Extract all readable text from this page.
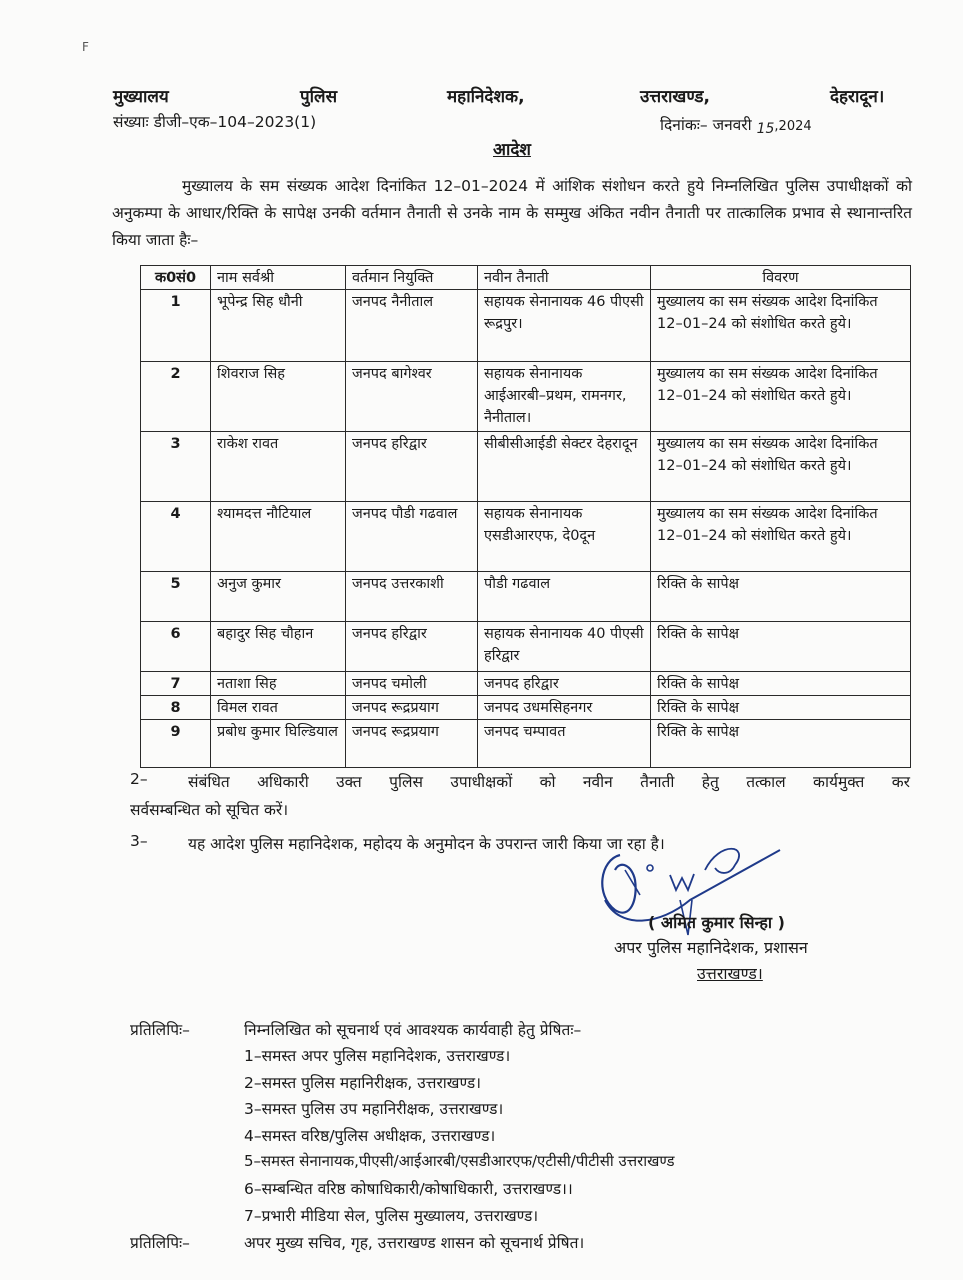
F
मुख्यालय	पुलिस	महानिदेशक,	उत्तराखण्ड,	देहरादून।
संख्याः डीजी–एक–104–2023(1)	दिनांकः– जनवरी 15,2024
आदेश
मुख्यालय के सम संख्यक आदेश दिनांकित 12–01–2024 में आंशिक संशोधन करते हुये निम्नलिखित पुलिस उपाधीक्षकों को अनुकम्पा के आधार/रिक्ति के सापेक्ष उनकी वर्तमान तैनाती से उनके नाम के सम्मुख अंकित नवीन तैनाती पर तात्कालिक प्रभाव से स्थानान्तरित किया जाता हैः–
क0सं0	नाम सर्वश्री	वर्तमान नियुक्ति	नवीन तैनाती	विवरण
1	भूपेन्द्र सिह धौनी	जनपद नैनीताल	सहायक सेनानायक 46 पीएसी रूद्रपुर।	मुख्यालय का सम संख्यक आदेश दिनांकित 12–01–24 को संशोधित करते हुये।
2	शिवराज सिह	जनपद बागेश्वर	सहायक सेनानायक आईआरबी–प्रथम, रामनगर, नैनीताल।	मुख्यालय का सम संख्यक आदेश दिनांकित 12–01–24 को संशोधित करते हुये।
3	राकेश रावत	जनपद हरिद्वार	सीबीसीआईडी सेक्टर देहरादून	मुख्यालय का सम संख्यक आदेश दिनांकित 12–01–24 को संशोधित करते हुये।
4	श्यामदत्त नौटियाल	जनपद पौडी गढवाल	सहायक सेनानायक एसडीआरएफ, दे0दून	मुख्यालय का सम संख्यक आदेश दिनांकित 12–01–24 को संशोधित करते हुये।
5	अनुज कुमार	जनपद उत्तरकाशी	पौडी गढवाल	रिक्ति के सापेक्ष
6	बहादुर सिह चौहान	जनपद हरिद्वार	सहायक सेनानायक 40 पीएसी हरिद्वार	रिक्ति के सापेक्ष
7	नताशा सिह	जनपद चमोली	जनपद हरिद्वार	रिक्ति के सापेक्ष
8	विमल रावत	जनपद रूद्रप्रयाग	जनपद उधमसिहनगर	रिक्ति के सापेक्ष
9	प्रबोध कुमार घिल्डियाल	जनपद रूद्रप्रयाग	जनपद चम्पावत	रिक्ति के सापेक्ष
2–	संबंधित अधिकारी उक्त पुलिस उपाधीक्षकों को नवीन तैनाती हेतु तत्काल कार्यमुक्त कर
सर्वसम्बन्धित को सूचित करें।
3–	यह आदेश पुलिस महानिदेशक, महोदय के अनुमोदन के उपरान्त जारी किया जा रहा है।
( अमित कुमार सिन्हा )
अपर पुलिस महानिदेशक, प्रशासन
उत्तराखण्ड।
प्रतिलिपिः–	निम्नलिखित को सूचनार्थ एवं आवश्यक कार्यवाही हेतु प्रेषितः–
1–समस्त अपर पुलिस महानिदेशक, उत्तराखण्ड।
2–समस्त पुलिस महानिरीक्षक, उत्तराखण्ड।
3–समस्त पुलिस उप महानिरीक्षक, उत्तराखण्ड।
4–समस्त वरिष्ठ/पुलिस अधीक्षक, उत्तराखण्ड।
5–समस्त सेनानायक,पीएसी/आईआरबी/एसडीआरएफ/एटीसी/पीटीसी उत्तराखण्ड
6–सम्बन्धित वरिष्ठ कोषाधिकारी/कोषाधिकारी, उत्तराखण्ड।।
7–प्रभारी मीडिया सेल, पुलिस मुख्यालय, उत्तराखण्ड।
प्रतिलिपिः–	अपर मुख्य सचिव, गृह, उत्तराखण्ड शासन को सूचनार्थ प्रेषित।
